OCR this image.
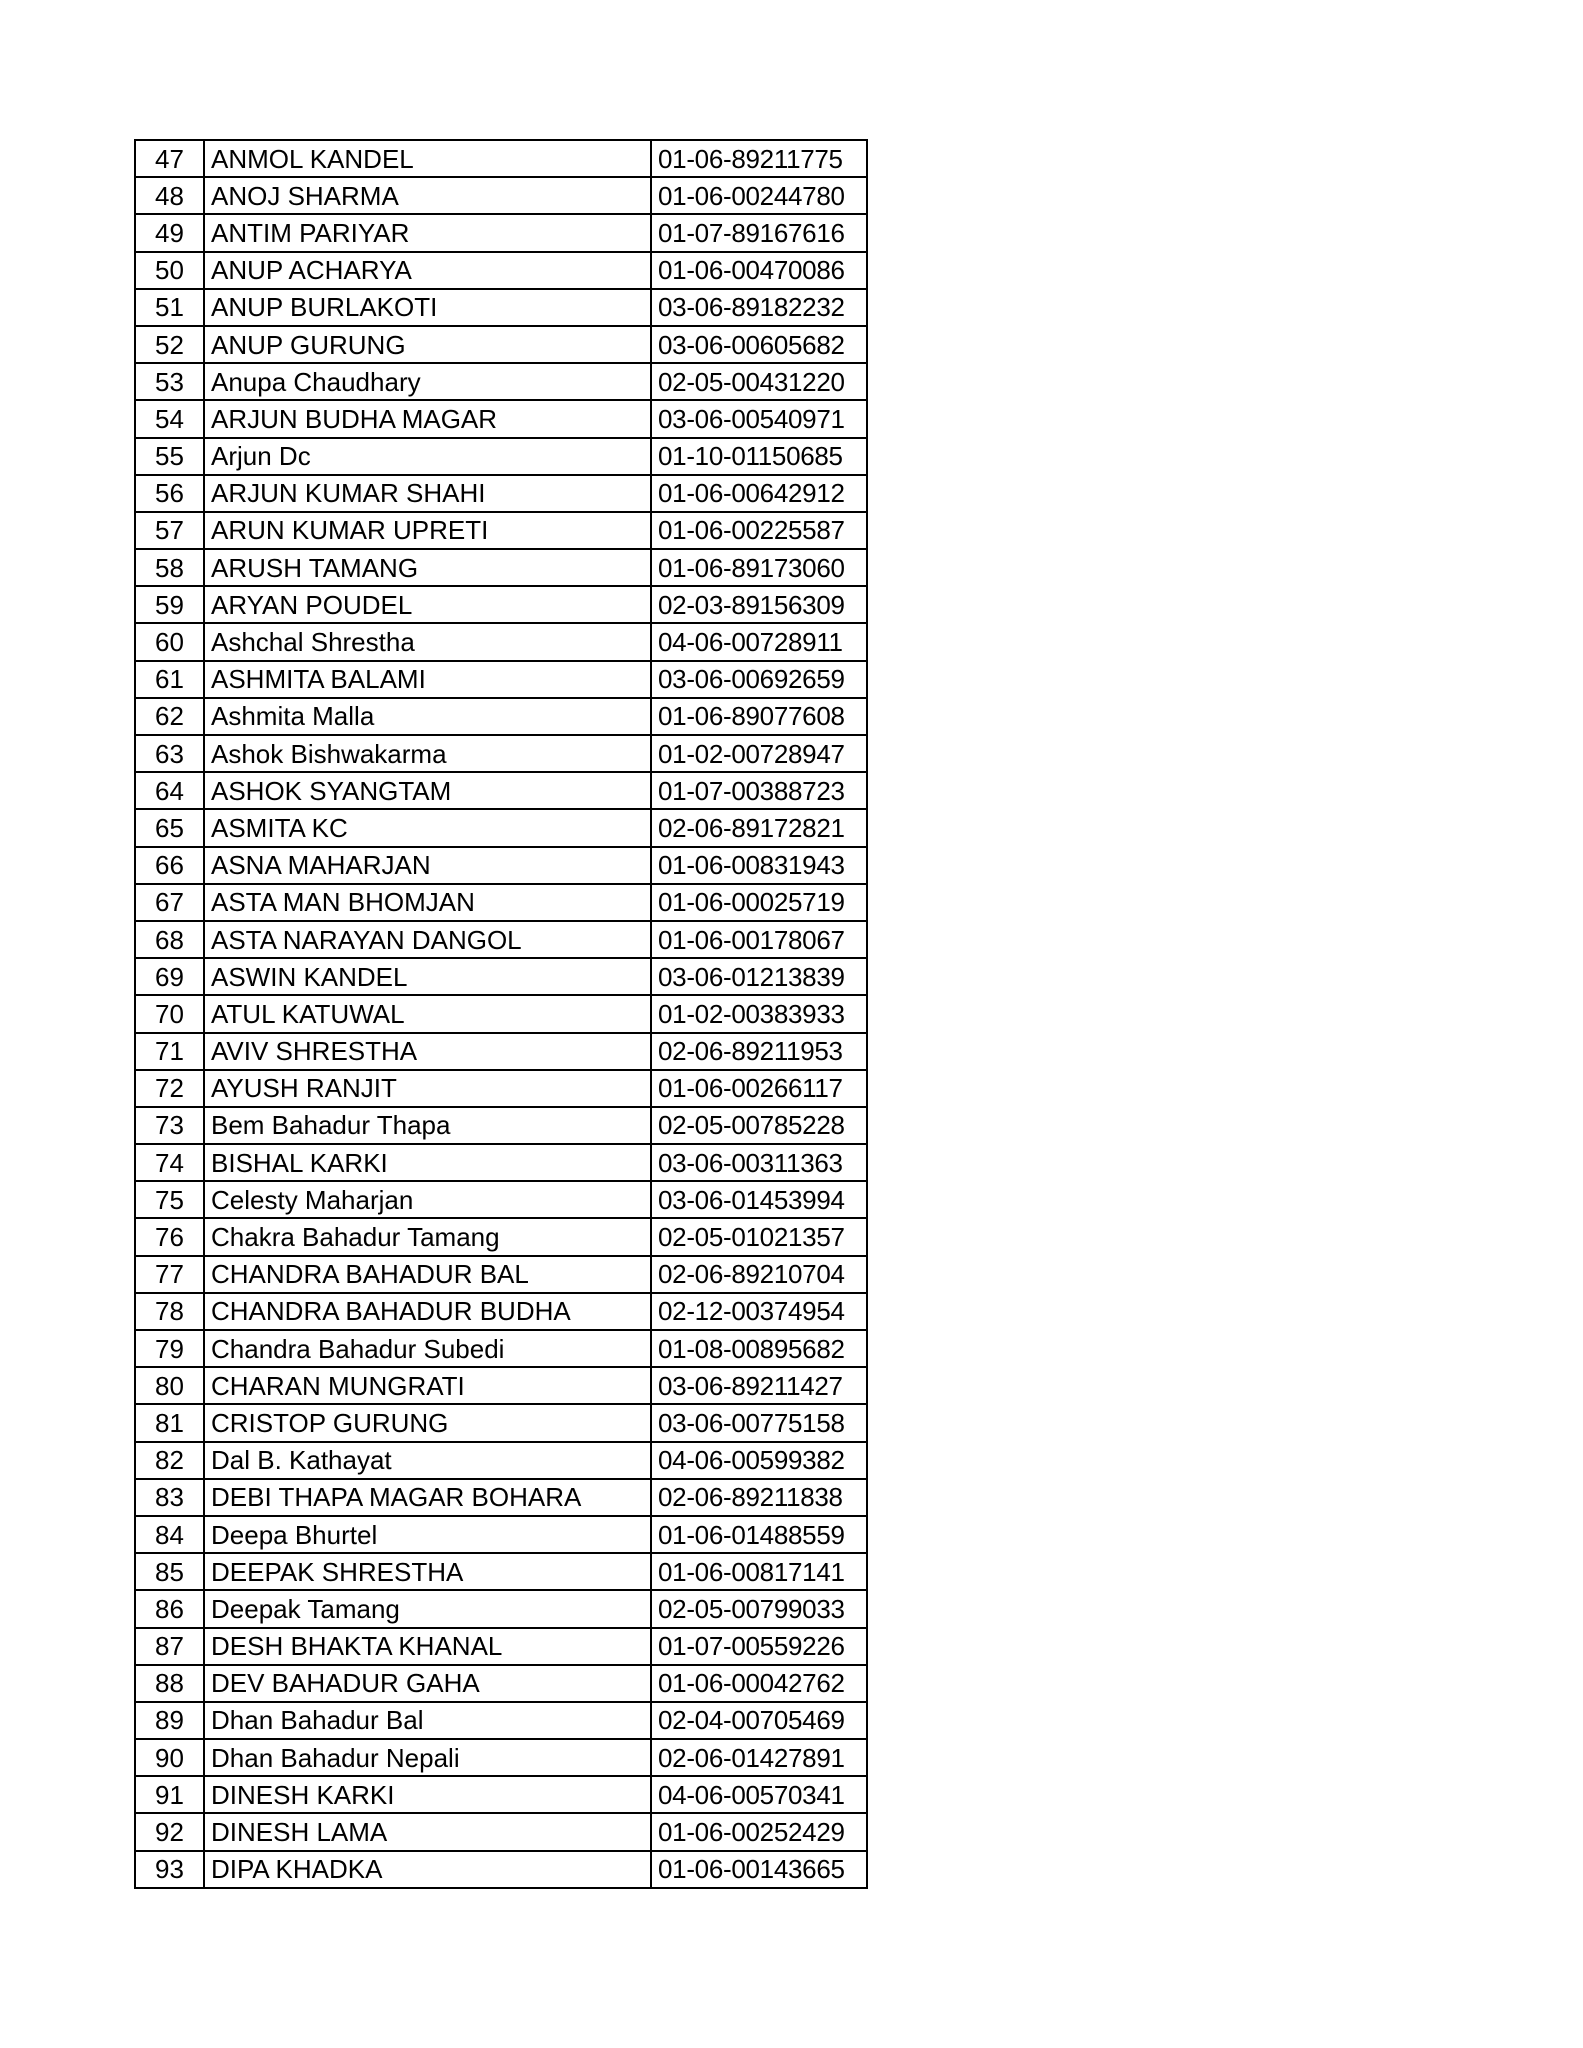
47	ANMOL KANDEL	01-06-89211775
48	ANOJ SHARMA	01-06-00244780
49	ANTIM PARIYAR	01-07-89167616
50	ANUP ACHARYA	01-06-00470086
51	ANUP BURLAKOTI	03-06-89182232
52	ANUP GURUNG	03-06-00605682
53	Anupa Chaudhary	02-05-00431220
54	ARJUN BUDHA MAGAR	03-06-00540971
55	Arjun Dc	01-10-01150685
56	ARJUN KUMAR SHAHI	01-06-00642912
57	ARUN KUMAR UPRETI	01-06-00225587
58	ARUSH TAMANG	01-06-89173060
59	ARYAN POUDEL	02-03-89156309
60	Ashchal Shrestha	04-06-00728911
61	ASHMITA BALAMI	03-06-00692659
62	Ashmita Malla	01-06-89077608
63	Ashok Bishwakarma	01-02-00728947
64	ASHOK SYANGTAM	01-07-00388723
65	ASMITA KC	02-06-89172821
66	ASNA MAHARJAN	01-06-00831943
67	ASTA MAN BHOMJAN	01-06-00025719
68	ASTA NARAYAN DANGOL	01-06-00178067
69	ASWIN KANDEL	03-06-01213839
70	ATUL KATUWAL	01-02-00383933
71	AVIV SHRESTHA	02-06-89211953
72	AYUSH RANJIT	01-06-00266117
73	Bem Bahadur Thapa	02-05-00785228
74	BISHAL KARKI	03-06-00311363
75	Celesty Maharjan	03-06-01453994
76	Chakra Bahadur Tamang	02-05-01021357
77	CHANDRA BAHADUR BAL	02-06-89210704
78	CHANDRA BAHADUR BUDHA	02-12-00374954
79	Chandra Bahadur Subedi	01-08-00895682
80	CHARAN MUNGRATI	03-06-89211427
81	CRISTOP GURUNG	03-06-00775158
82	Dal B. Kathayat	04-06-00599382
83	DEBI THAPA MAGAR BOHARA	02-06-89211838
84	Deepa Bhurtel	01-06-01488559
85	DEEPAK SHRESTHA	01-06-00817141
86	Deepak Tamang	02-05-00799033
87	DESH BHAKTA KHANAL	01-07-00559226
88	DEV BAHADUR GAHA	01-06-00042762
89	Dhan Bahadur Bal	02-04-00705469
90	Dhan Bahadur Nepali	02-06-01427891
91	DINESH KARKI	04-06-00570341
92	DINESH LAMA	01-06-00252429
93	DIPA KHADKA	01-06-00143665
